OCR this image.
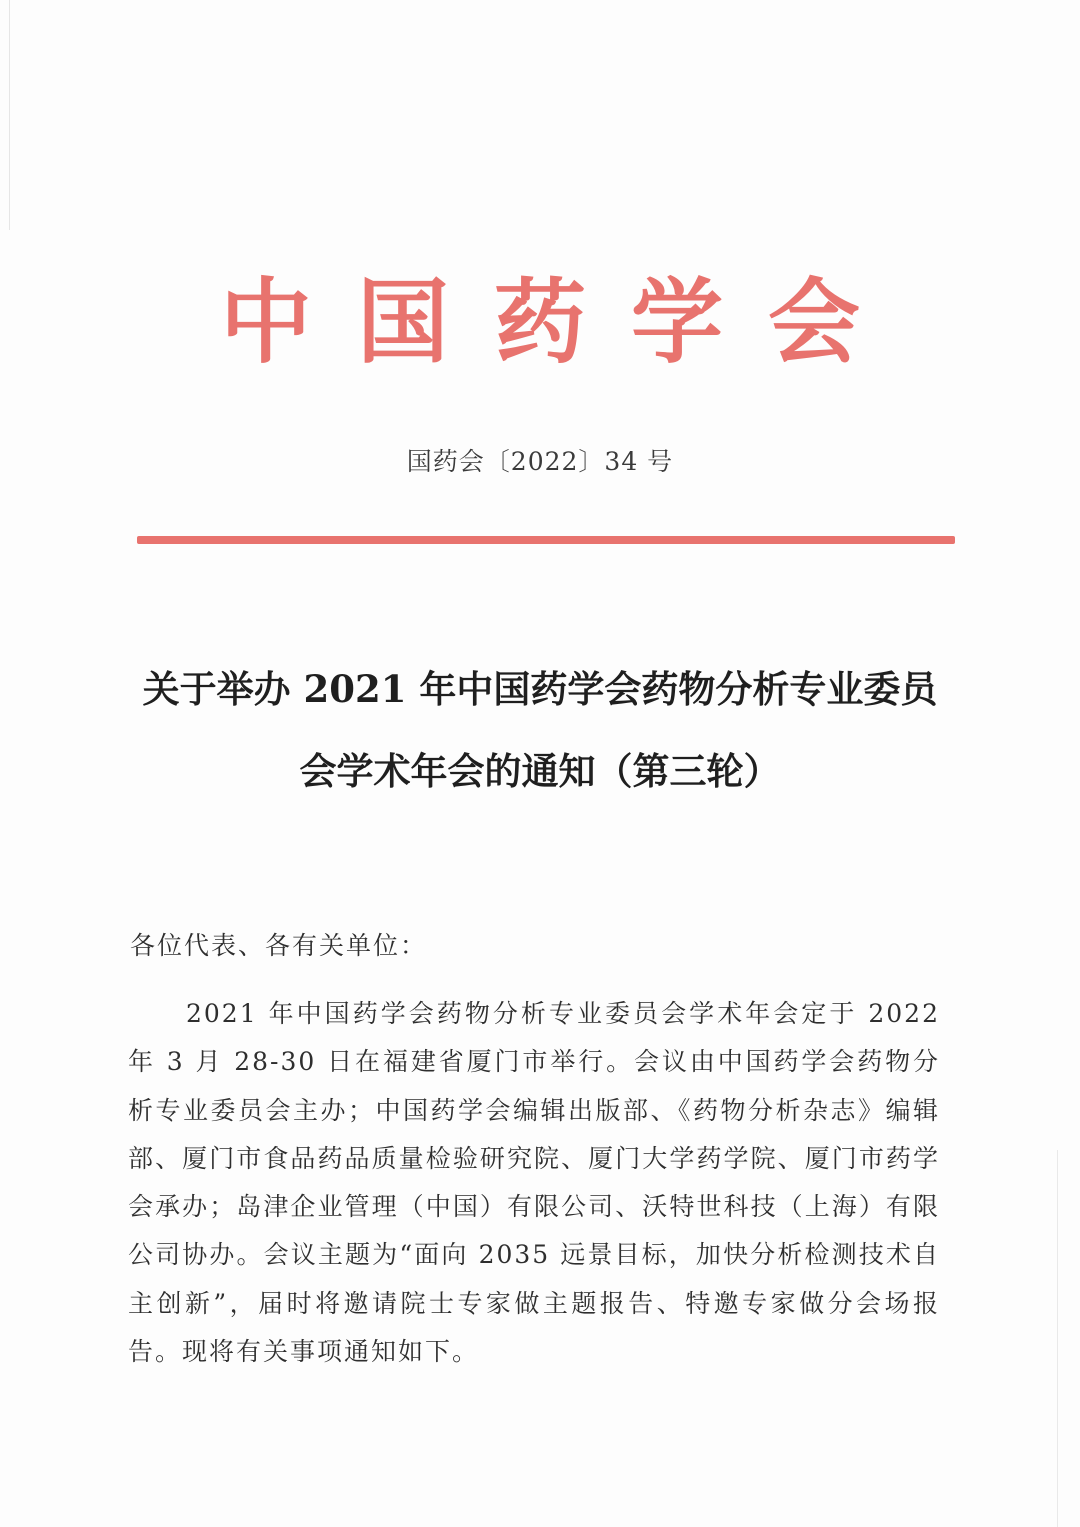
中国药学会
国药会〔2022〕34 号
关于举办 2021 年中国药学会药物分析专业委员
会学术年会的通知（第三轮）
各位代表、各有关单位：

2021 年中国药学会药物分析专业委员会学术年会定于 2022 年 3 月 28-30 日在福建省厦门市举行。会议由中国药学会药物分析专业委员会主办；中国药学会编辑出版部、《药物分析杂志》编辑部、厦门市食品药品质量检验研究院、厦门大学药学院、厦门市药学会承办；岛津企业管理（中国）有限公司、沃特世科技（上海）有限公司协办。会议主题为“面向 2035 远景目标，加快分析检测技术自主创新”，届时将邀请院士专家做主题报告、特邀专家做分会场报告。现将有关事项通知如下。
